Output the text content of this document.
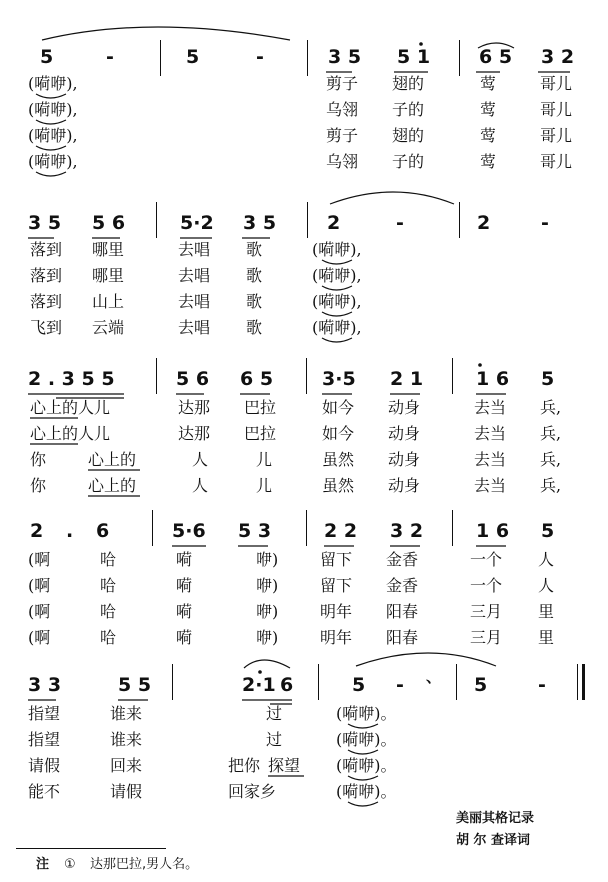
5	-	5	-	3 5 5 1	6 5 3 2
(嗬咿),	剪子 翅的	莺	哥儿
(嗬咿),	乌翎 子的	莺	哥儿
(嗬咿),	剪子 翅的	莺	哥儿
(嗬咿),	乌翎 子的	莺	哥儿
3 5 5 6	5·2 3 5	2	-	2	-
落到 哪里	去唱 歌	(嗬咿),
落到 哪里	去唱 歌	(嗬咿),
落到 山上	去唱 歌	(嗬咿),
飞到 云端	去唱 歌	(嗬咿),
2 . 3 5 5	5 6 6 5	3·5 2 1	1 6 5
心上的人儿	达那 巴拉	如今 动身	去当 兵,
心上的人儿	达那 巴拉	如今 动身	去当 兵,
你	心上的	人	儿	虽然 动身	去当 兵,
你	心上的	人	儿	虽然 动身	去当 兵,
2 . 6	5·6 5 3	2 2 3 2	1 6 5
(啊	哈	嗬	咿)	留下 金香	一个 人
(啊	哈	嗬	咿)	留下 金香	一个 人
(啊	哈	嗬	咿)	明年 阳春	三月 里
(啊	哈	嗬	咿)	明年 阳春	三月 里
3 3	5 5	2·1 6	5 - 、 5	-
指望	谁来	过	(嗬咿)。
指望	谁来	过	(嗬咿)。
请假	回来	把你 探望 (嗬咿)。
能不	请假	回家乡	(嗬咿)。
美丽其格记录
胡 尔 查译词
注 ① 达那巴拉,男人名。
